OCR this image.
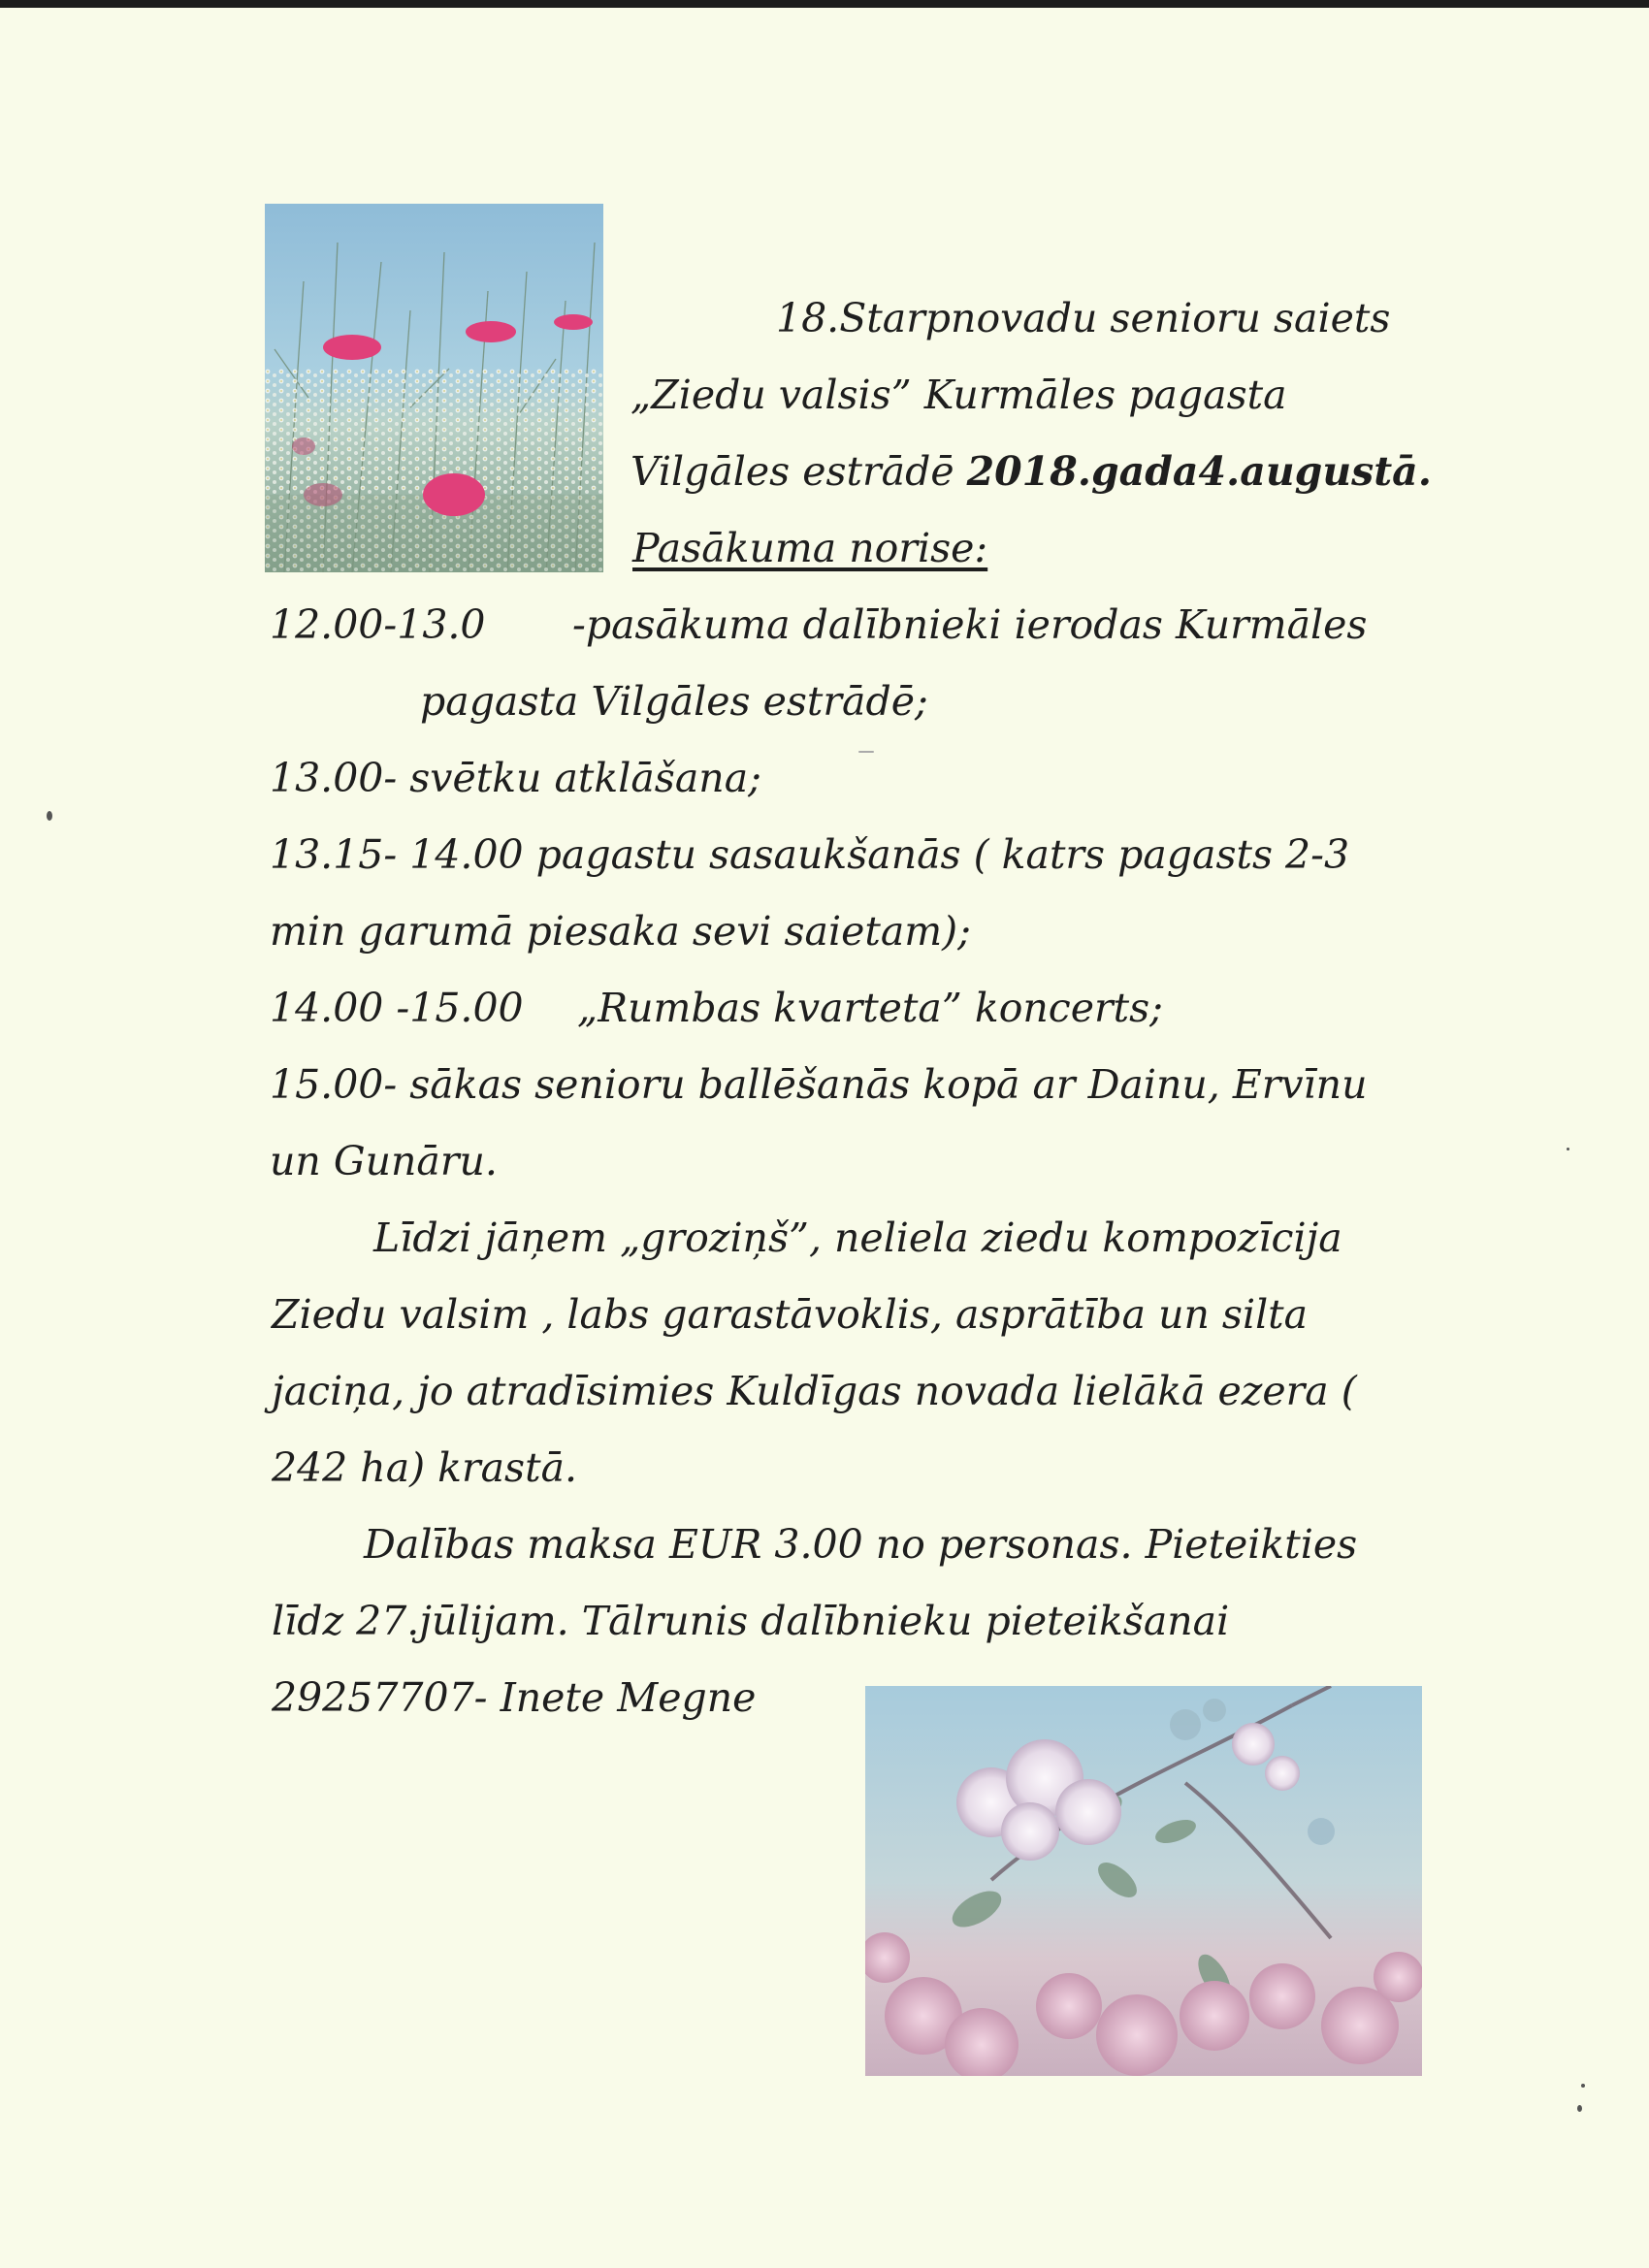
18.Starpnovadu senioru saiets
„Ziedu valsis” Kurmāles pagasta
Vilgāles estrādē 2018.gada4.augustā.
Pasākuma norise:
12.00-13.0 -pasākuma dalībnieki ierodas Kurmāles
pagasta Vilgāles estrādē;
13.00- svētku atklāšana;
13.15- 14.00 pagastu sasaukšanās ( katrs pagasts 2-3
min garumā piesaka sevi saietam);
14.00 -15.00 „Rumbas kvarteta” koncerts;
15.00- sākas senioru ballēšanās kopā ar Dainu, Ervīnu
un Gunāru.
Līdzi jāņem „groziņš”, neliela ziedu kompozīcija
Ziedu valsim , labs garastāvoklis, asprātība un silta
jaciņa, jo atradīsimies Kuldīgas novada lielākā ezera (
242 ha) krastā.
Dalības maksa EUR 3.00 no personas. Pieteikties
līdz 27.jūlijam. Tālrunis dalībnieku pieteikšanai
29257707- Inete Megne
